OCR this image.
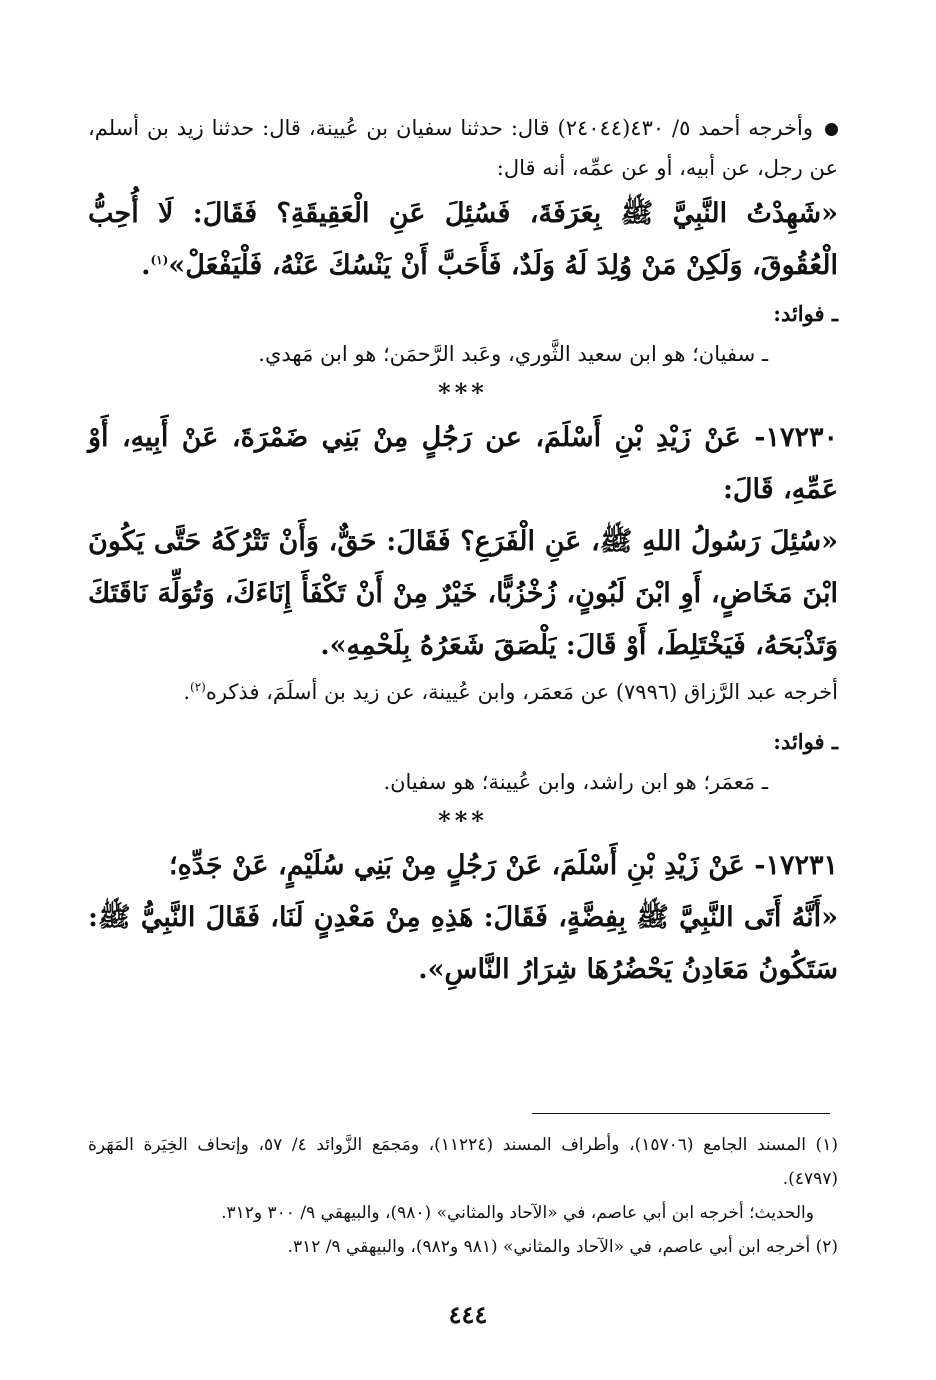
وأخرجه أحمد ٥/ ٤٣٠(٢٤٠٤٤) قال: حدثنا سفيان بن عُيينة، قال: حدثنا زيد بن أسلم، عن رجل، عن أبيه، أو عن عمِّه، أنه قال:

«شَهِدْتُ النَّبِيَّ ﷺ بِعَرَفَةَ، فَسُئِلَ عَنِ الْعَقِيقَةِ؟ فَقَالَ: لَا أُحِبُّ الْعُقُوقَ، وَلَكِنْ مَنْ وُلِدَ لَهُ وَلَدٌ، فَأَحَبَّ أَنْ يَنْسُكَ عَنْهُ، فَلْيَفْعَلْ»$^{(١)}$.

ـ فوائد:

ـ سفيان؛ هو ابن سعيد الثَّوري، وعَبد الرَّحمَن؛ هو ابن مَهدي.

***

١٧٢٣٠- عَنْ زَيْدِ بْنِ أَسْلَمَ، عن رَجُلٍ مِنْ بَنِي ضَمْرَةَ، عَنْ أَبِيهِ، أَوْ عَمِّهِ، قَالَ:

«سُئِلَ رَسُولُ اللهِ ﷺ، عَنِ الْفَرَعِ؟ فَقَالَ: حَقٌّ، وَأَنْ تَتْرُكَهُ حَتَّى يَكُونَ ابْنَ مَخَاضٍ، أَوِ ابْنَ لَبُونٍ، زُخْزُبًّا، خَيْرٌ مِنْ أَنْ تَكْفَأَ إِنَاءَكَ، وَتُوَلِّهَ نَاقَتَكَ وَتَذْبَحَهُ، فَيَخْتَلِطَ، أَوْ قَالَ: يَلْصَقَ شَعَرُهُ بِلَحْمِهِ».

أخرجه عبد الرَّزاق (٧٩٩٦) عن مَعمَر، وابن عُيينة، عن زيد بن أسلَمَ، فذكره$^{(٢)}$.

ـ فوائد:

ـ مَعمَر؛ هو ابن راشد، وابن عُيينة؛ هو سفيان.

***

١٧٢٣١- عَنْ زَيْدِ بْنِ أَسْلَمَ، عَنْ رَجُلٍ مِنْ بَنِي سُلَيْمٍ، عَنْ جَدِّهِ؛

«أَنَّهُ أَتَى النَّبِيَّ ﷺ بِفِضَّةٍ، فَقَالَ: هَذِهِ مِنْ مَعْدِنٍ لَنَا، فَقَالَ النَّبِيُّ ﷺ: سَتَكُونُ مَعَادِنُ يَحْضُرُهَا شِرَارُ النَّاسِ».

(١) المسند الجامع (١٥٧٠٦)، وأطراف المسند (١١٢٢٤)، ومَجمَع الزَّوائد ٤/ ٥٧، وإتحاف الخِيَرة المَهَرة (٤٧٩٧).

والحديث؛ أخرجه ابن أبي عاصم، في «الآحاد والمثاني» (٩٨٠)، والبيهقي ٩/ ٣٠٠ و٣١٢.

(٢) أخرجه ابن أبي عاصم، في «الآحاد والمثاني» (٩٨١ و٩٨٢)، والبيهقي ٩/ ٣١٢.

٤٤٤
